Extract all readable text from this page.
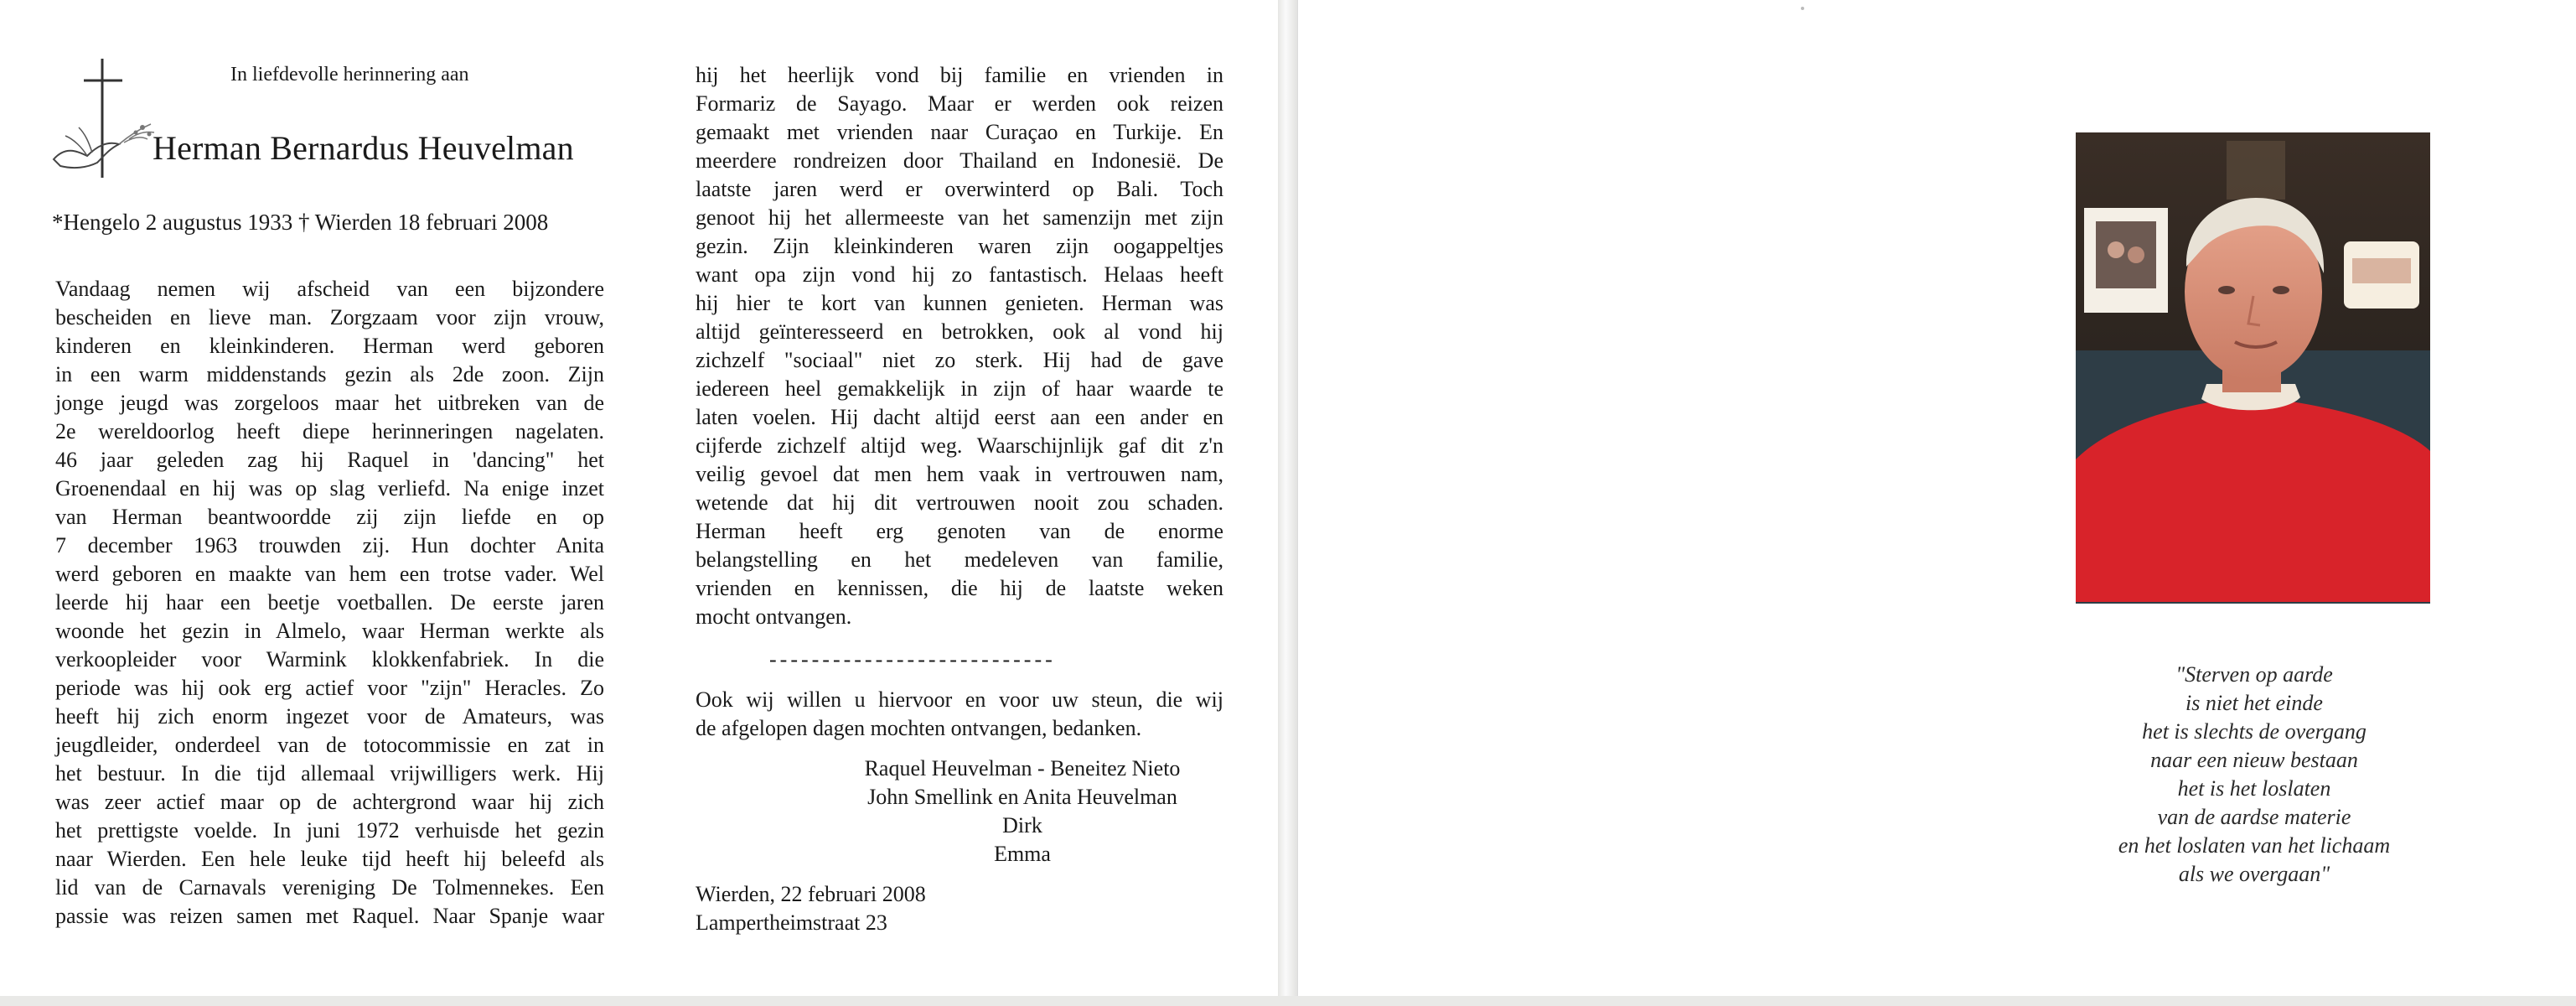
In liefdevolle herinnering aan
Herman Bernardus Heuvelman
*Hengelo 2 augustus 1933 † Wierden 18 februari 2008
Vandaag nemen wij afscheid van een bijzondere
bescheiden en lieve man. Zorgzaam voor zijn vrouw,
kinderen en kleinkinderen. Herman werd geboren
in een warm middenstands gezin als 2de zoon. Zijn
jonge jeugd was zorgeloos maar het uitbreken van de
2e wereldoorlog heeft diepe herinneringen nagelaten.
46 jaar geleden zag hij Raquel in 'dancing" het
Groenendaal en hij was op slag verliefd. Na enige inzet
van Herman beantwoordde zij zijn liefde en op
7 december 1963 trouwden zij. Hun dochter Anita
werd geboren en maakte van hem een trotse vader. Wel
leerde hij haar een beetje voetballen. De eerste jaren
woonde het gezin in Almelo, waar Herman werkte als
verkoopleider voor Warmink klokkenfabriek. In die
periode was hij ook erg actief voor "zijn" Heracles. Zo
heeft hij zich enorm ingezet voor de Amateurs, was
jeugdleider, onderdeel van de totocommissie en zat in
het bestuur. In die tijd allemaal vrijwilligers werk. Hij
was zeer actief maar op de achtergrond waar hij zich
het prettigste voelde. In juni 1972 verhuisde het gezin
naar Wierden. Een hele leuke tijd heeft hij beleefd als
lid van de Carnavals vereniging De Tolmennekes. Een
passie was reizen samen met Raquel. Naar Spanje waar
hij het heerlijk vond bij familie en vrienden in
Formariz de Sayago. Maar er werden ook reizen
gemaakt met vrienden naar Curaçao en Turkije. En
meerdere rondreizen door Thailand en Indonesië. De
laatste jaren werd er overwinterd op Bali. Toch
genoot hij het allermeeste van het samenzijn met zijn
gezin. Zijn kleinkinderen waren zijn oogappeltjes
want opa zijn vond hij zo fantastisch. Helaas heeft
hij hier te kort van kunnen genieten. Herman was
altijd geïnteresseerd en betrokken, ook al vond hij
zichzelf "sociaal" niet zo sterk. Hij had de gave
iedereen heel gemakkelijk in zijn of haar waarde te
laten voelen. Hij dacht altijd eerst aan een ander en
cijferde zichzelf altijd weg. Waarschijnlijk gaf dit z'n
veilig gevoel dat men hem vaak in vertrouwen nam,
wetende dat hij dit vertrouwen nooit zou schaden.
Herman heeft erg genoten van de enorme
belangstelling en het medeleven van familie,
vrienden en kennissen, die hij de laatste weken
mocht ontvangen.
---------------------------
Ook wij willen u hiervoor en voor uw steun, die wij
de afgelopen dagen mochten ontvangen, bedanken.
Raquel Heuvelman - Beneitez Nieto
John Smellink en Anita Heuvelman
Dirk
Emma
Wierden, 22 februari 2008
Lampertheimstraat 23
"Sterven op aarde
is niet het einde
het is slechts de overgang
naar een nieuw bestaan
het is het loslaten
van de aardse materie
en het loslaten van het lichaam
als we overgaan"
